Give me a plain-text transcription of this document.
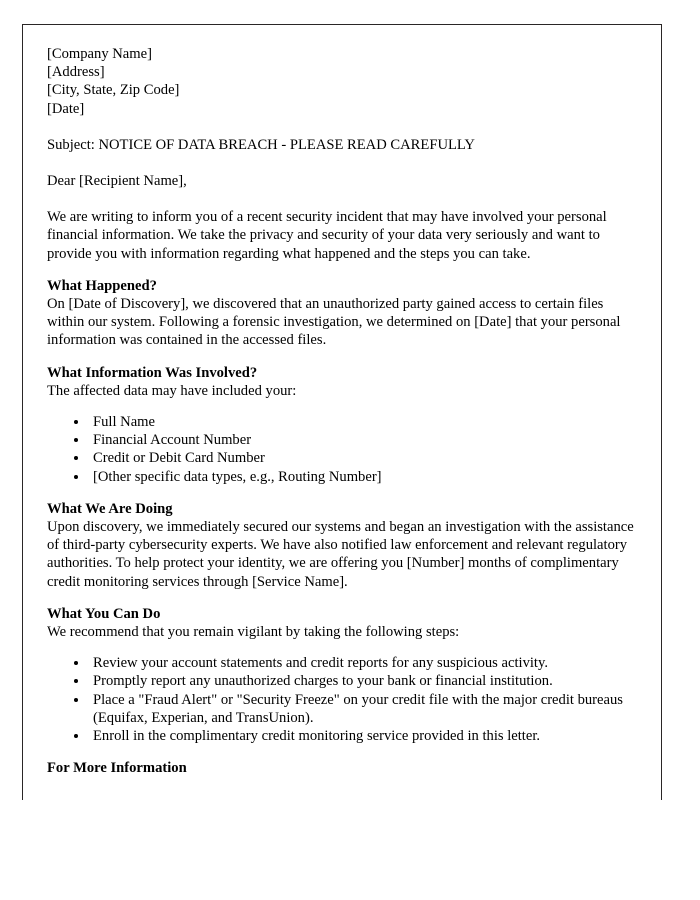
[Company Name]
[Address]
[City, State, Zip Code]
[Date]
Subject: NOTICE OF DATA BREACH - PLEASE READ CAREFULLY
Dear [Recipient Name],

We are writing to inform you of a recent security incident that may have involved your personal financial information. We take the privacy and security of your data very seriously and want to provide you with information regarding what happened and the steps you can take.

What Happened?
On [Date of Discovery], we discovered that an unauthorized party gained access to certain files within our system. Following a forensic investigation, we determined on [Date] that your personal information was contained in the accessed files.
What Information Was Involved?
The affected data may have included your:
• Full Name
• Financial Account Number
• Credit or Debit Card Number
• [Other specific data types, e.g., Routing Number]
What We Are Doing
Upon discovery, we immediately secured our systems and began an investigation with the assistance of third-party cybersecurity experts. We have also notified law enforcement and relevant regulatory authorities. To help protect your identity, we are offering you [Number] months of complimentary credit monitoring services through [Service Name].
What You Can Do
We recommend that you remain vigilant by taking the following steps:
• Review your account statements and credit reports for any suspicious activity.
• Promptly report any unauthorized charges to your bank or financial institution.
• Place a "Fraud Alert" or "Security Freeze" on your credit file with the major credit bureaus (Equifax, Experian, and TransUnion).
• Enroll in the complimentary credit monitoring service provided in this letter.
For More Information
